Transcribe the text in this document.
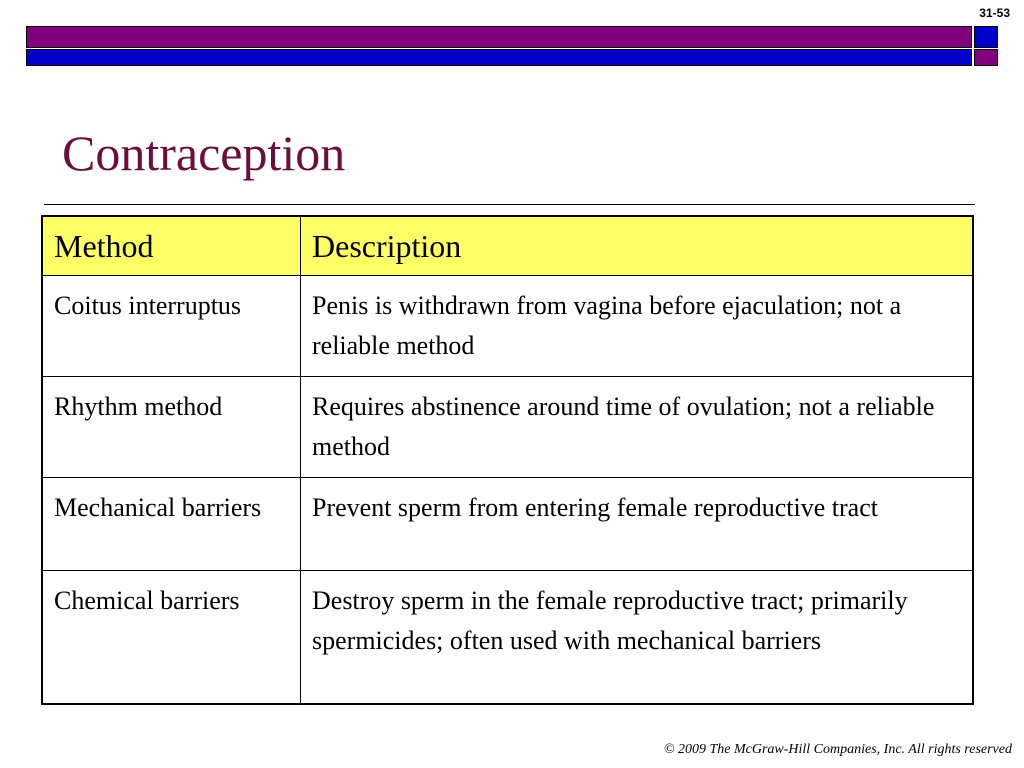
31-53
Contraception
Method	Description
Coitus interruptus	Penis is withdrawn from vagina before ejaculation; not a reliable method
Rhythm method	Requires abstinence around time of ovulation; not a reliable method
Mechanical barriers	Prevent sperm from entering female reproductive tract
Chemical barriers	Destroy sperm in the female reproductive tract; primarily spermicides; often used with mechanical barriers
© 2009 The McGraw-Hill Companies, Inc. All rights reserved
